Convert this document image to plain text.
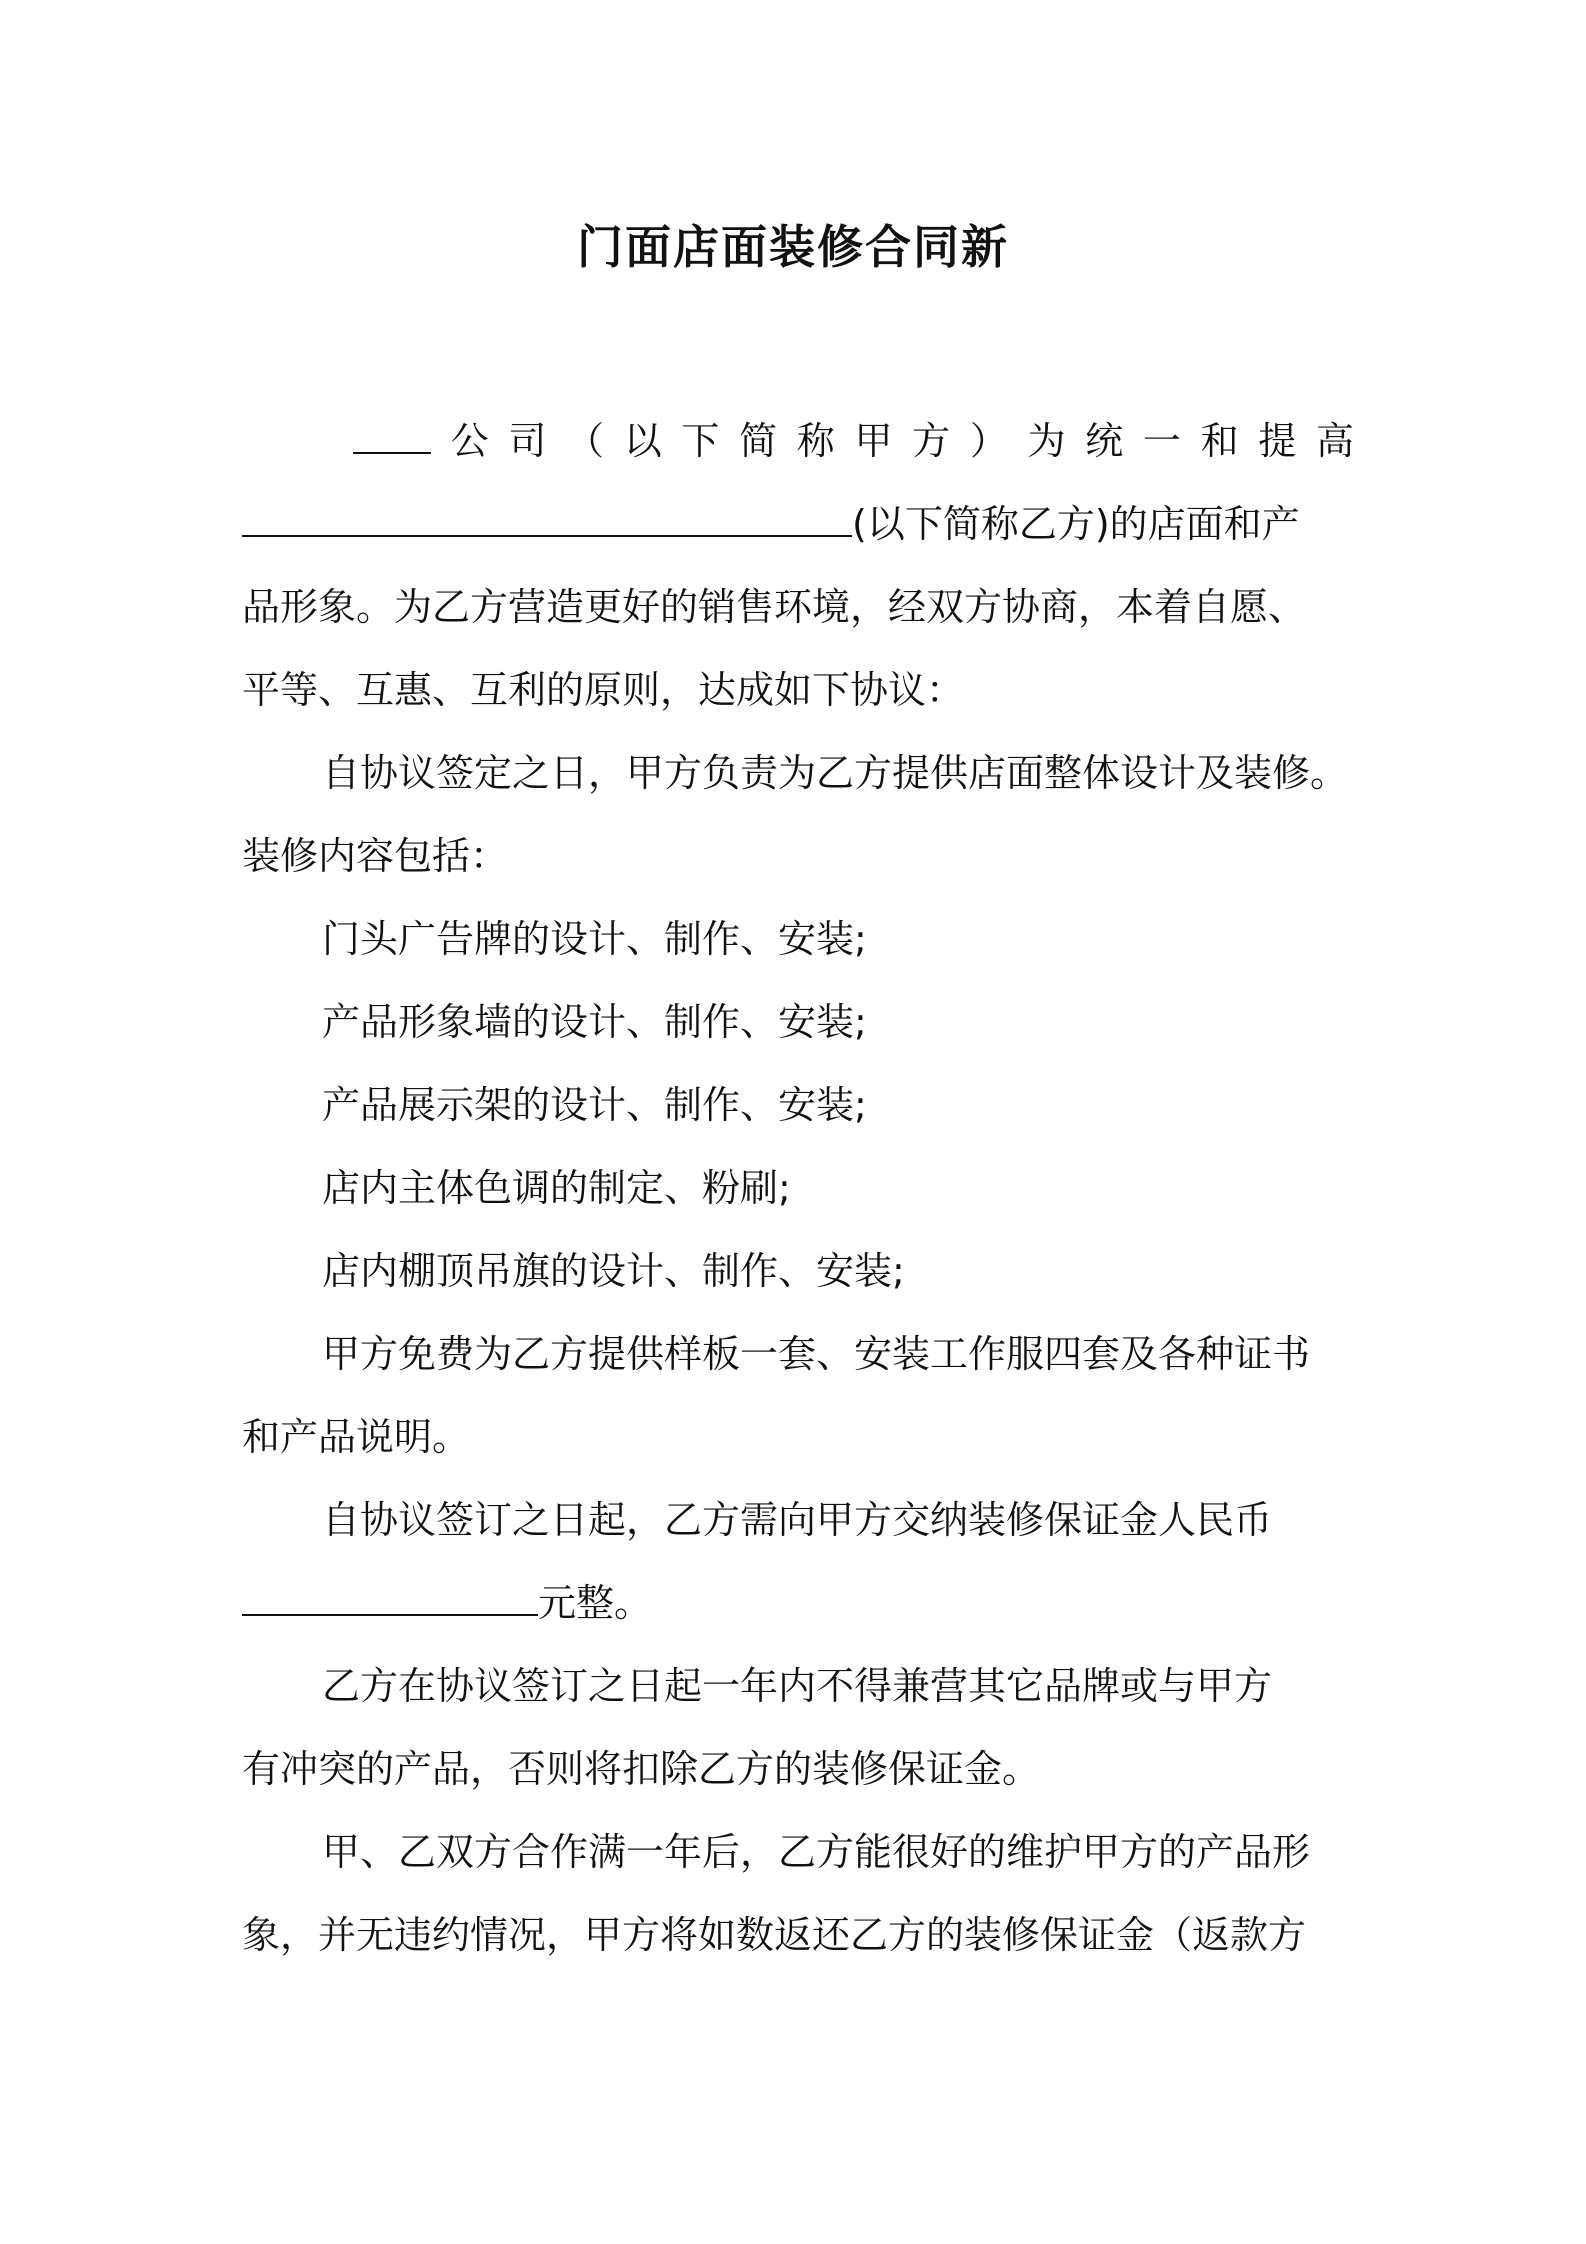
门面店面装修合同新
公 司 （ 以 下 简 称 甲 方 ） 为 统 一 和 提 高
(以下简称乙方)的店面和产
品形象。为乙方营造更好的销售环境，经双方协商，本着自愿、
平等、互惠、互利的原则，达成如下协议：
自协议签定之日，甲方负责为乙方提供店面整体设计及装修。
装修内容包括：
门头广告牌的设计、制作、安装;
产品形象墙的设计、制作、安装;
产品展示架的设计、制作、安装;
店内主体色调的制定、粉刷;
店内棚顶吊旗的设计、制作、安装;
甲方免费为乙方提供样板一套、安装工作服四套及各种证书
和产品说明。
自协议签订之日起，乙方需向甲方交纳装修保证金人民币
元整。
乙方在协议签订之日起一年内不得兼营其它品牌或与甲方
有冲突的产品，否则将扣除乙方的装修保证金。
甲、乙双方合作满一年后，乙方能很好的维护甲方的产品形
象，并无违约情况，甲方将如数返还乙方的装修保证金（返款方
